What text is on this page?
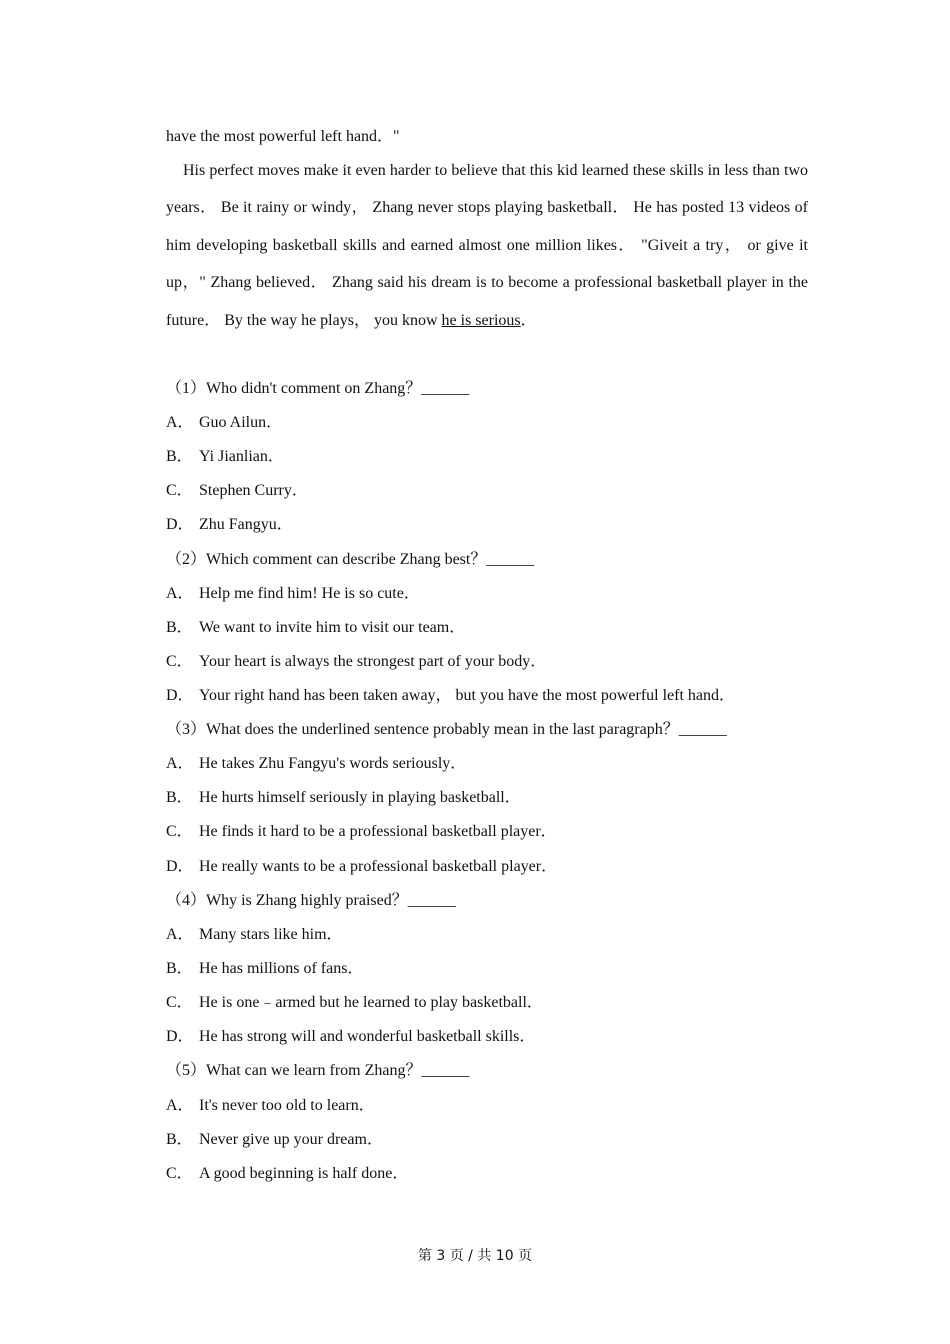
have the most powerful left hand．"
His perfect moves make it even harder to believe that this kid learned these skills in less than two years． Be it rainy or windy， Zhang never stops playing basketball． He has posted 13 videos of him developing basketball skills and earned almost one million likes． "Giveit a try， or give it up，" Zhang believed． Zhang said his dream is to become a professional basketball player in the future． By the way he plays， you know he is serious．
（1）Who didn't comment on Zhang？______
A． Guo Ailun．
B． Yi Jianlian．
C． Stephen Curry．
D． Zhu Fangyu．
（2）Which comment can describe Zhang best？______
A． Help me find him! He is so cute．
B． We want to invite him to visit our team．
C． Your heart is always the strongest part of your body．
D． Your right hand has been taken away， but you have the most powerful left hand．
（3）What does the underlined sentence probably mean in the last paragraph？______
A． He takes Zhu Fangyu's words seriously．
B． He hurts himself seriously in playing basketball．
C． He finds it hard to be a professional basketball player．
D． He really wants to be a professional basketball player．
（4）Why is Zhang highly praised？______
A． Many stars like him．
B． He has millions of fans．
C． He is one﹣armed but he learned to play basketball．
D． He has strong will and wonderful basketball skills．
（5）What can we learn from Zhang？______
A． It's never too old to learn．
B． Never give up your dream．
C． A good beginning is half done．
第 3 页 / 共 10 页
